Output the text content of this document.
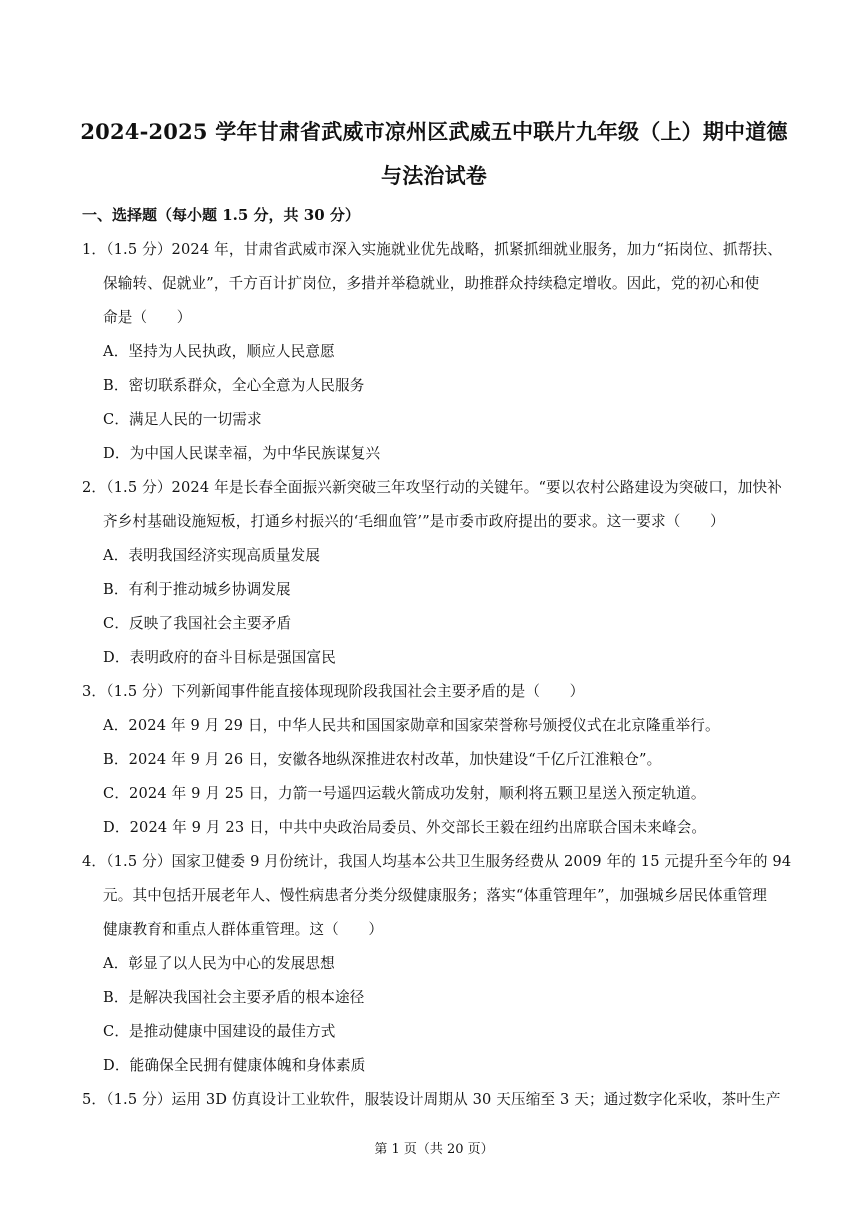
2024-2025 学年甘肃省武威市凉州区武威五中联片九年级（上）期中道德
与法治试卷
一、选择题（每小题 1.5 分，共 30 分）
1．（1.5 分）2024 年，甘肃省武威市深入实施就业优先战略，抓紧抓细就业服务，加力“拓岗位、抓帮扶、
保输转、促就业”，千方百计扩岗位，多措并举稳就业，助推群众持续稳定增收。因此，党的初心和使
命是（　　）
A．坚持为人民执政，顺应人民意愿
B．密切联系群众，全心全意为人民服务
C．满足人民的一切需求
D．为中国人民谋幸福，为中华民族谋复兴
2．（1.5 分）2024 年是长春全面振兴新突破三年攻坚行动的关键年。“要以农村公路建设为突破口，加快补
齐乡村基础设施短板，打通乡村振兴的‘毛细血管’”是市委市政府提出的要求。这一要求（　　）
A．表明我国经济实现高质量发展
B．有利于推动城乡协调发展
C．反映了我国社会主要矛盾
D．表明政府的奋斗目标是强国富民
3．（1.5 分）下列新闻事件能直接体现现阶段我国社会主要矛盾的是（　　）
A．2024 年 9 月 29 日，中华人民共和国国家勋章和国家荣誉称号颁授仪式在北京隆重举行。
B．2024 年 9 月 26 日，安徽各地纵深推进农村改革，加快建设“千亿斤江淮粮仓”。
C．2024 年 9 月 25 日，力箭一号遥四运载火箭成功发射，顺利将五颗卫星送入预定轨道。
D．2024 年 9 月 23 日，中共中央政治局委员、外交部长王毅在纽约出席联合国未来峰会。
4．（1.5 分）国家卫健委 9 月份统计，我国人均基本公共卫生服务经费从 2009 年的 15 元提升至今年的 94
元。其中包括开展老年人、慢性病患者分类分级健康服务；落实“体重管理年”，加强城乡居民体重管理
健康教育和重点人群体重管理。这（　　）
A．彰显了以人民为中心的发展思想
B．是解决我国社会主要矛盾的根本途径
C．是推动健康中国建设的最佳方式
D．能确保全民拥有健康体魄和身体素质
5．（1.5 分）运用 3D 仿真设计工业软件，服装设计周期从 30 天压缩至 3 天；通过数字化采收，茶叶生产
第 1 页（共 20 页）
